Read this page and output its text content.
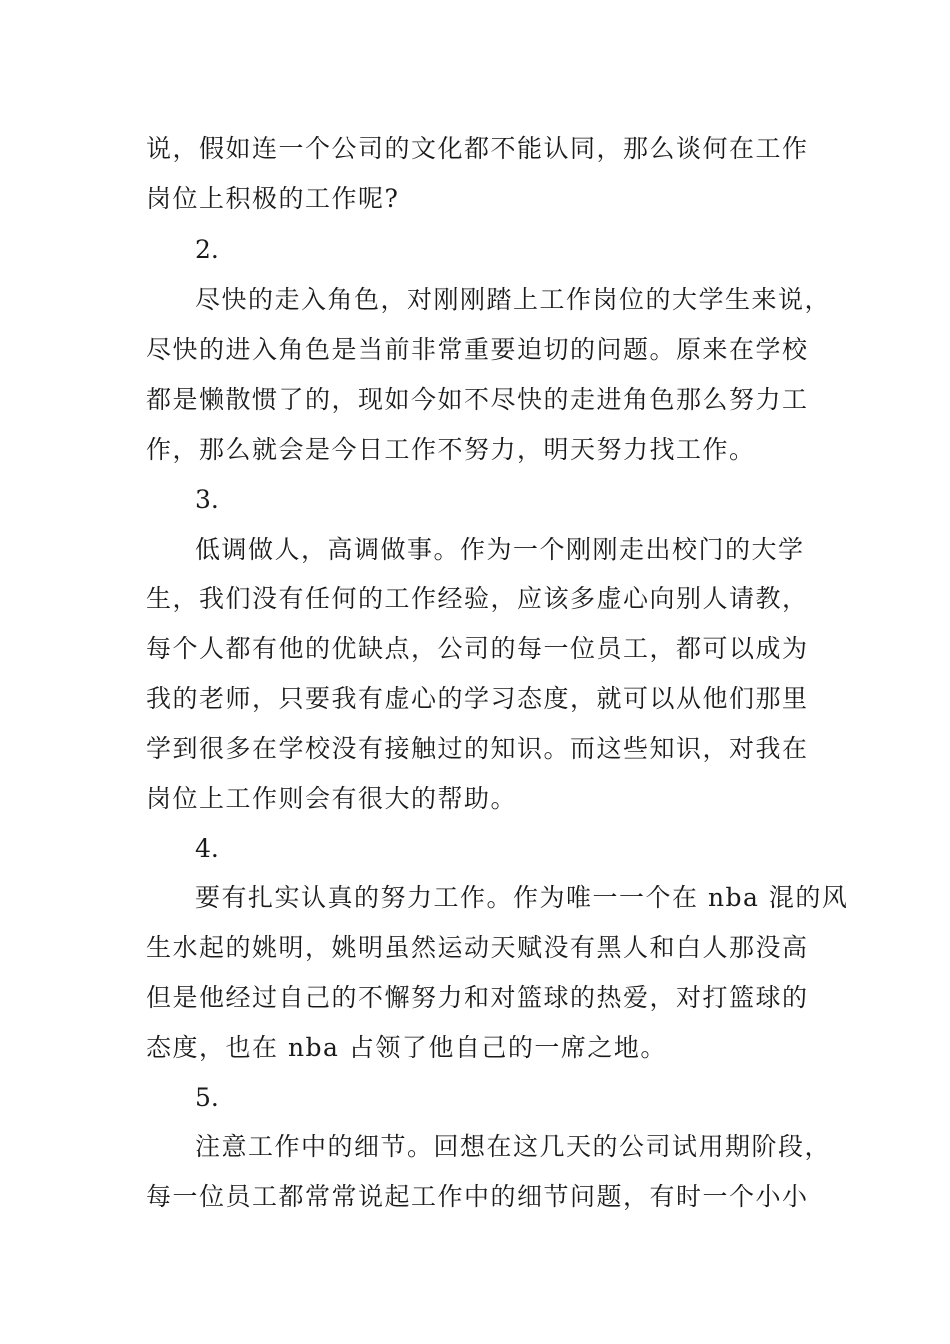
说，假如连一个公司的文化都不能认同，那么谈何在工作
岗位上积极的工作呢?
2.
尽快的走入角色，对刚刚踏上工作岗位的大学生来说，
尽快的进入角色是当前非常重要迫切的问题。原来在学校
都是懒散惯了的，现如今如不尽快的走进角色那么努力工
作，那么就会是今日工作不努力，明天努力找工作。
3.
低调做人，高调做事。作为一个刚刚走出校门的大学
生，我们没有任何的工作经验，应该多虚心向别人请教，
每个人都有他的优缺点，公司的每一位员工，都可以成为
我的老师，只要我有虚心的学习态度，就可以从他们那里
学到很多在学校没有接触过的知识。而这些知识，对我在
岗位上工作则会有很大的帮助。
4.
要有扎实认真的努力工作。作为唯一一个在 nba 混的风
生水起的姚明，姚明虽然运动天赋没有黑人和白人那没高
但是他经过自己的不懈努力和对篮球的热爱，对打篮球的
态度，也在 nba 占领了他自己的一席之地。
5.
注意工作中的细节。回想在这几天的公司试用期阶段，
每一位员工都常常说起工作中的细节问题，有时一个小小
